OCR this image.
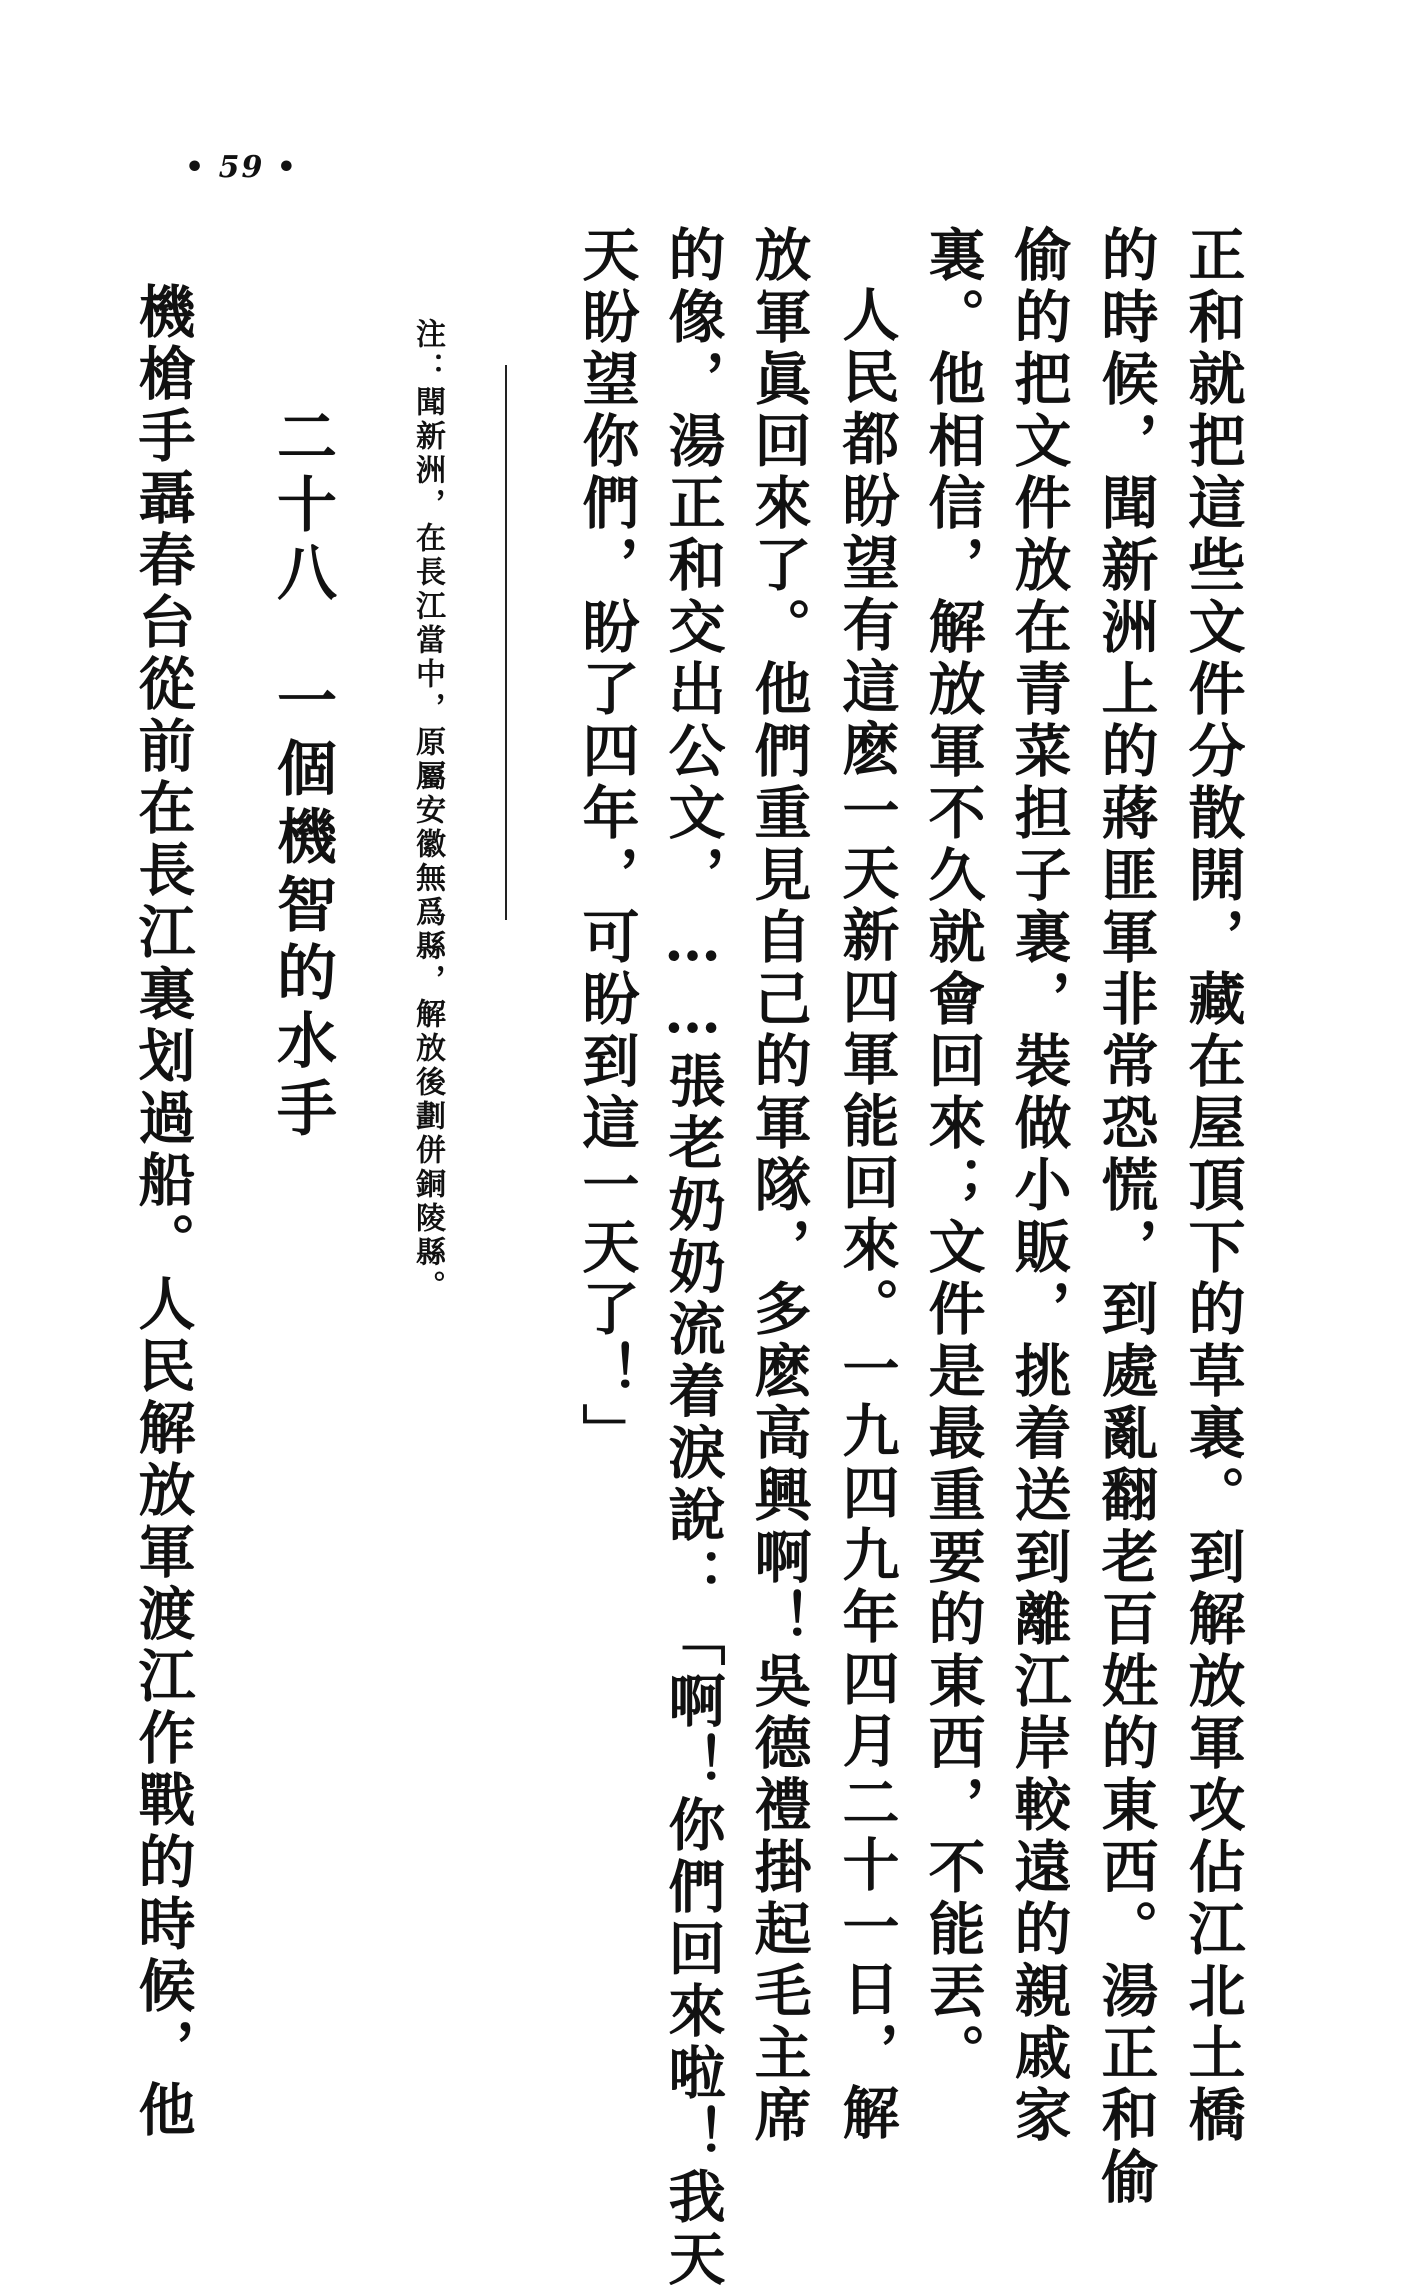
• 59 •
正和就把這些文件分散開，藏在屋頂下的草裏。到解放軍攻佔江北土橋
的時候，聞新洲上的蔣匪軍非常恐慌，到處亂翻老百姓的東西。湯正和偷
偷的把文件放在青菜担子裏，裝做小販，挑着送到離江岸較遠的親戚家
裏。他相信，解放軍不久就會回來；文件是最重要的東西，不能丟。
人民都盼望有這麽一天新四軍能回來。一九四九年四月二十一日，解
放軍眞回來了。他們重見自己的軍隊，多麽高興啊！吳德禮掛起毛主席
的像，湯正和交出公文，……張老奶奶流着淚說：「啊！你們回來啦！我天
天盼望你們，盼了四年，可盼到這一天了！」
注：聞新洲，在長江當中，原屬安徽無爲縣，解放後劃併銅陵縣。
二十八一個機智的水手
機槍手聶春台從前在長江裏划過船。人民解放軍渡江作戰的時候，他
